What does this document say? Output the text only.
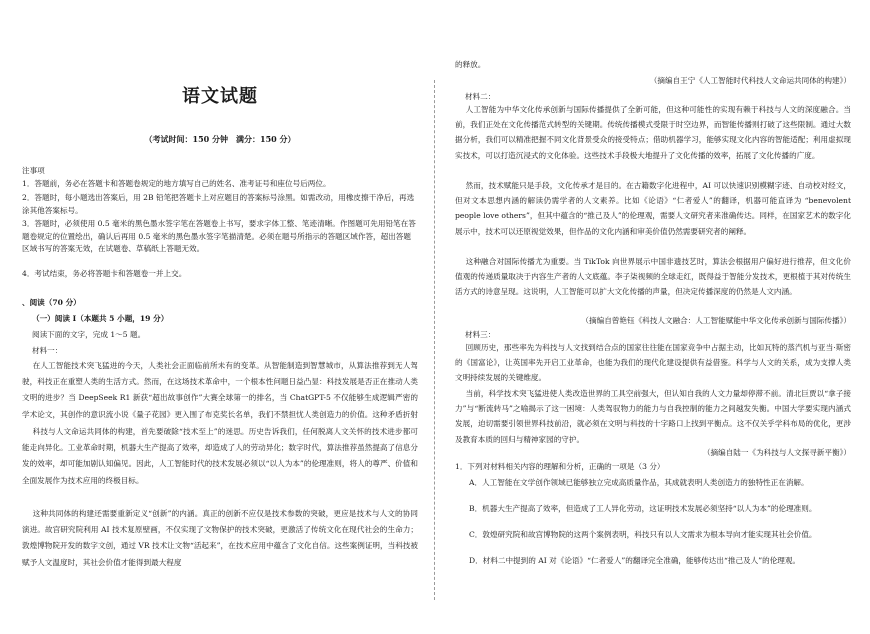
语文试题
（考试时间：150 分钟　满分：150 分）
注事项
1．答题前，务必在答题卡和答题卷规定的地方填写自己的姓名、准考证号和座位号后两位。
2．答题时，每小题选出答案后，用 2B 铅笔把答题卡上对应题目的答案标号涂黑。如需改动，用橡皮擦干净后，再选涂其他答案标号。
3．答题时，必须使用 0.5 毫米的黑色墨水签字笔在答题卷上书写，要求字体工整、笔迹清晰。作图题可先用铅笔在答题卷规定的位置绘出，确认后再用 0.5 毫米的黑色墨水签字笔描清楚。必须在题号所指示的答题区域作答，超出答题区域书写的答案无效，在试题卷、草稿纸上答题无效。
4．考试结束，务必将答题卡和答题卷一并上交。
、阅读（70 分）
（一）阅读 I（本题共 5 小题，19 分）
阅读下面的文字，完成 1～5 题。
材料一：
在人工智能技术突飞猛进的今天，人类社会正面临前所未有的变革。从智能制造到智慧城市，从算法推荐到无人驾驶，科技正在重塑人类的生活方式。然而，在这场技术革命中，一个根本性问题日益凸显：科技发展是否正在推动人类文明的进步？当 DeepSeek R1 新获“超出故事创作”大赛全球第一的排名，当 ChatGPT-5 不仅能够生成逻辑严密的学术论文，其创作的意识流小说《量子花园》更入围了布克奖长名单，我们不禁担忧人类创造力的价值。这种矛盾折射
科技与人文命运共同体的构建，首先要破除“技术至上”的迷思。历史告诉我们，任何脱离人文关怀的技术进步都可能走向异化。工业革命时期，机器大生产提高了效率，却造成了人的劳动异化；数字时代，算法推荐虽然提高了信息分发的效率，却可能加剧认知偏见。因此，人工智能时代的技术发展必须以“以人为本”的伦理准则，将人的尊严、价值和全面发展作为技术应用的终极目标。
这种共同体的构建还需要重新定义“创新”的内涵。真正的创新不应仅是技术参数的突破，更应是技术与人文的协同演进。故宫研究院利用 AI 技术复原壁画，不仅实现了文物保护的技术突破，更激活了传统文化在现代社会的生命力；敦煌博物院开发的数字文创，通过 VR 技术让文物“活起来”，在技术应用中蕴含了文化自信。这些案例证明，当科技被赋予人文温度时，其社会价值才能得到最大程度
的释放。
（摘编自王宁《人工智能时代科技人文命运共同体的构建》）
材料二：
人工智能为中华文化传承创新与国际传播提供了全新可能，但这种可能性的实现有赖于科技与人文的深度融合。当前，我们正处在文化传播范式转型的关键期。传统传播模式受限于时空边界，而智能传播则打破了这些限制。通过大数据分析，我们可以精准把握不同文化背景受众的接受特点；借助机器学习，能够实现文化内容的智能适配；利用虚拟现实技术，可以打造沉浸式的文化体验。这些技术手段极大地提升了文化传播的效率，拓展了文化传播的广度。
然而，技术赋能只是手段，文化传承才是目的。在古籍数字化进程中，AI 可以快速识别模糊字迹、自动校对经文，但对文本思想内涵的解读仍需学者的人文素养。比如《论语》“仁者爱人”的翻译，机器可能直译为 “benevolent people love others”，但其中蕴含的“推己及人”的伦理观，需要人文研究者来准确传达。同样，在国家艺术的数字化展示中，技术可以还原视觉效果，但作品的文化内涵和审美价值仍然需要研究者的阐释。
这种融合对国际传播尤为重要。当 TikTok 向世界展示中国非遗技艺时，算法会根据用户偏好进行推荐，但文化价值观的传递质量取决于内容生产者的人文底蕴。李子柒视频的全球走红，既得益于智能分发技术，更根植于其对传统生活方式的诗意呈现。这说明，人工智能可以扩大文化传播的声量，但决定传播深度的仍然是人文内涵。
（摘编自曾艳钰《科技人文融合：人工智能赋能中华文化传承创新与国际传播》）
材料三：
回顾历史，那些率先为科技与人文找到结合点的国家往往能在国家竞争中占据主动，比如瓦特的蒸汽机与亚当·斯密的《国富论》，让英国率先开启工业革命，也能为我们的现代化建设提供有益借鉴。科学与人文的关系，成为支撑人类文明持续发展的关键维度。
当前，科学技术突飞猛进使人类改造世界的工具空前强大，但认知自我的人文力量却停滞不前。清北巨贾以“拿子接力”与“断流转马”之喻揭示了这一困境：人类驾驭物力的能力与自我控制的能力之间越发失衡。中国大学要实现内涵式发展，迫切需要引领世界科技前沿，就必须在文明与科技的十字路口上找到平衡点。这不仅关乎学科布局的优化，更涉及教育本质的回归与精神家园的守护。
（摘编自陆一《为科技与人文探寻新平衡》）
1．下列对材料相关内容的理解和分析，正确的一项是（3 分）
A．人工智能在文学创作领域已能够独立完成高质量作品，其成就表明人类创造力的独特性正在消解。
B．机器大生产提高了效率，但造成了工人异化劳动，这证明技术发展必须坚持“以人为本”的伦理准则。
C．敦煌研究院和故宫博物院的这两个案例表明，科技只有以人文需求为根本导向才能实现其社会价值。
D．材料二中提到的 AI 对《论语》“仁者爱人”的翻译完全准确，能够传达出“推己及人”的伦理观。
